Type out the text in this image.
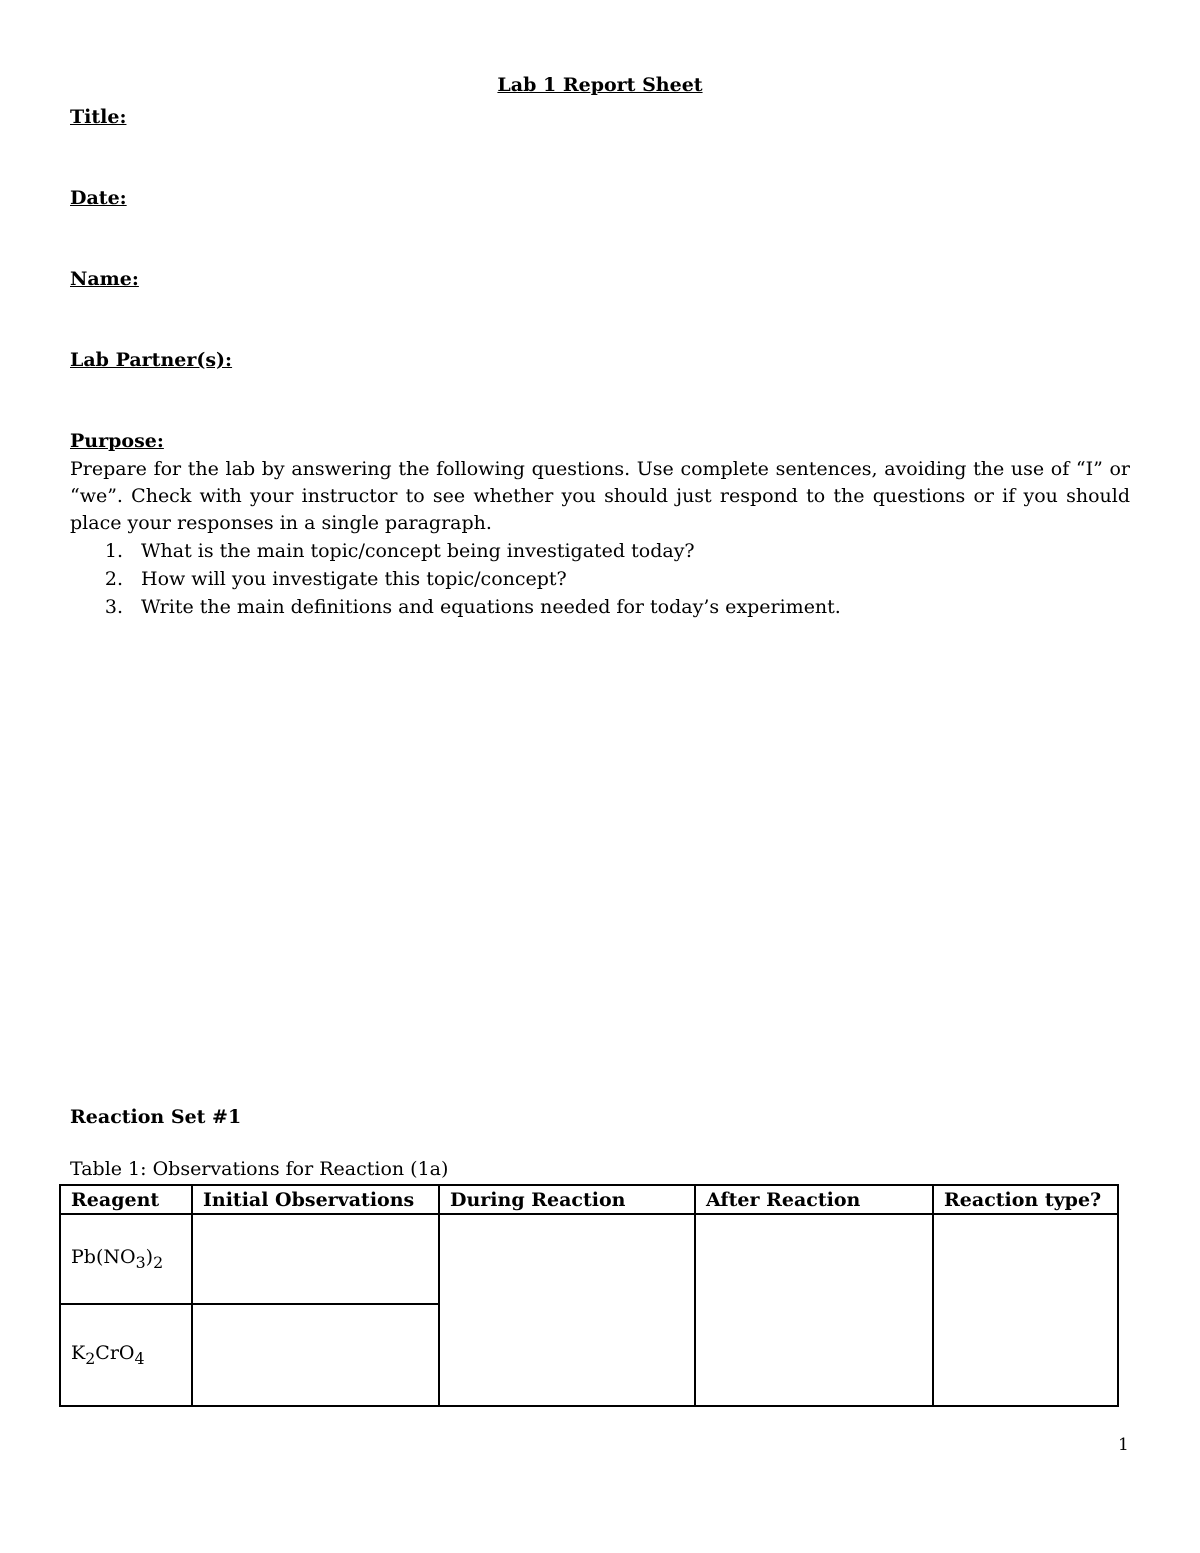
Lab 1 Report Sheet
Title:
Date:
Name:
Lab Partner(s):
Purpose:
Prepare for the lab by answering the following questions. Use complete sentences, avoiding the use of “I” or “we”. Check with your instructor to see whether you should just respond to the questions or if you should place your responses in a single paragraph.
1. What is the main topic/concept being investigated today?
2. How will you investigate this topic/concept?
3. Write the main definitions and equations needed for today’s experiment.
Reaction Set #1
Table 1: Observations for Reaction (1a)
Reagent	Initial Observations	During Reaction	After Reaction	Reaction type?
$Pb(NO_3)_2$				
$K_2CrO_4$	
1
